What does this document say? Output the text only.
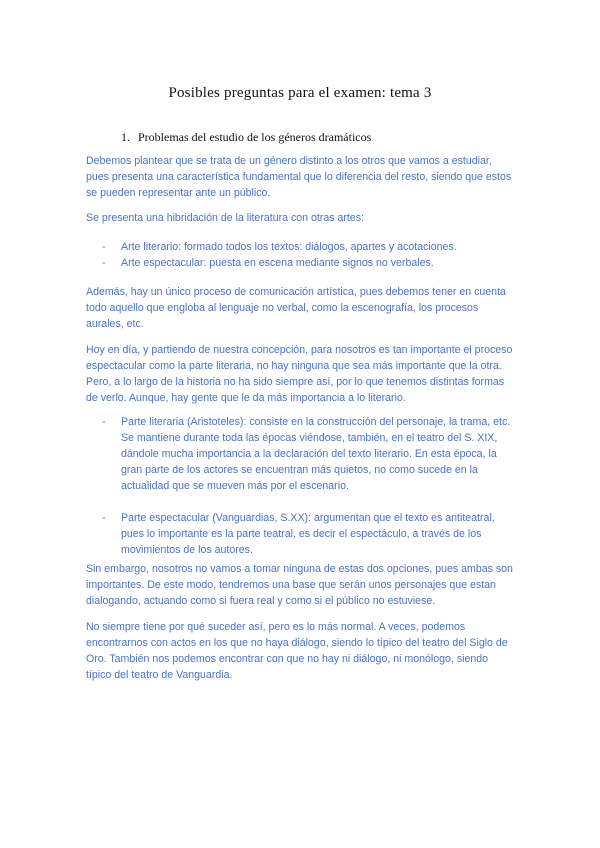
Posibles preguntas para el examen: tema 3
1. Problemas del estudio de los géneros dramáticos

Debemos plantear que se trata de un género distinto a los otros que vamos a estudiar, pues presenta una característica fundamental que lo diferencia del resto, siendo que estos se pueden representar ante un público.

Se presenta una hibridación de la literatura con otras artes:

- Arte literario: formado todos los textos: diálogos, apartes y acotaciones.
- Arte espectacular: puesta en escena mediante signos no verbales.

Además, hay un único proceso de comunicación artística, pues debemos tener en cuenta todo aquello que engloba al lenguaje no verbal, como la escenografía, los procesos aurales, etc.

Hoy en día, y partiendo de nuestra concepción, para nosotros es tan importante el proceso espectacular como la parte literaria, no hay ninguna que sea más importante que la otra. Pero, a lo largo de la historia no ha sido siempre así, por lo que tenemos distintas formas de verlo. Aunque, hay gente que le da más importancia a lo literario.

- Parte literaria (Aristoteles): consiste en la construcción del personaje, la trama, etc. Se mantiene durante toda las épocas viéndose, también, en el teatro del S. XIX, dándole mucha importancia a la declaración del texto literario. En esta época, la gran parte de los actores se encuentran más quietos, no como sucede en la actualidad que se mueven más por el escenario.
- Parte espectacular (Vanguardias, S.XX): argumentan que el texto es antiteatral, pues lo importante es la parte teatral, es decir el espectáculo, a través de los movimientos de los autores.

Sin embargo, nosotros no vamos a tomar ninguna de estas dos opciones, pues ambas son importantes. De este modo, tendremos una base que serán unos personajes que estan dialogando, actuando como si fuera real y como si el público no estuviese.

No siempre tiene por qué suceder así, pero es lo más normal. A veces, podemos encontrarnos con actos en los que no haya diálogo, siendo lo típico del teatro del Siglo de Oro. También nos podemos encontrar con que no hay ni diálogo, ni monólogo, siendo típico del teatro de Vanguardia.
